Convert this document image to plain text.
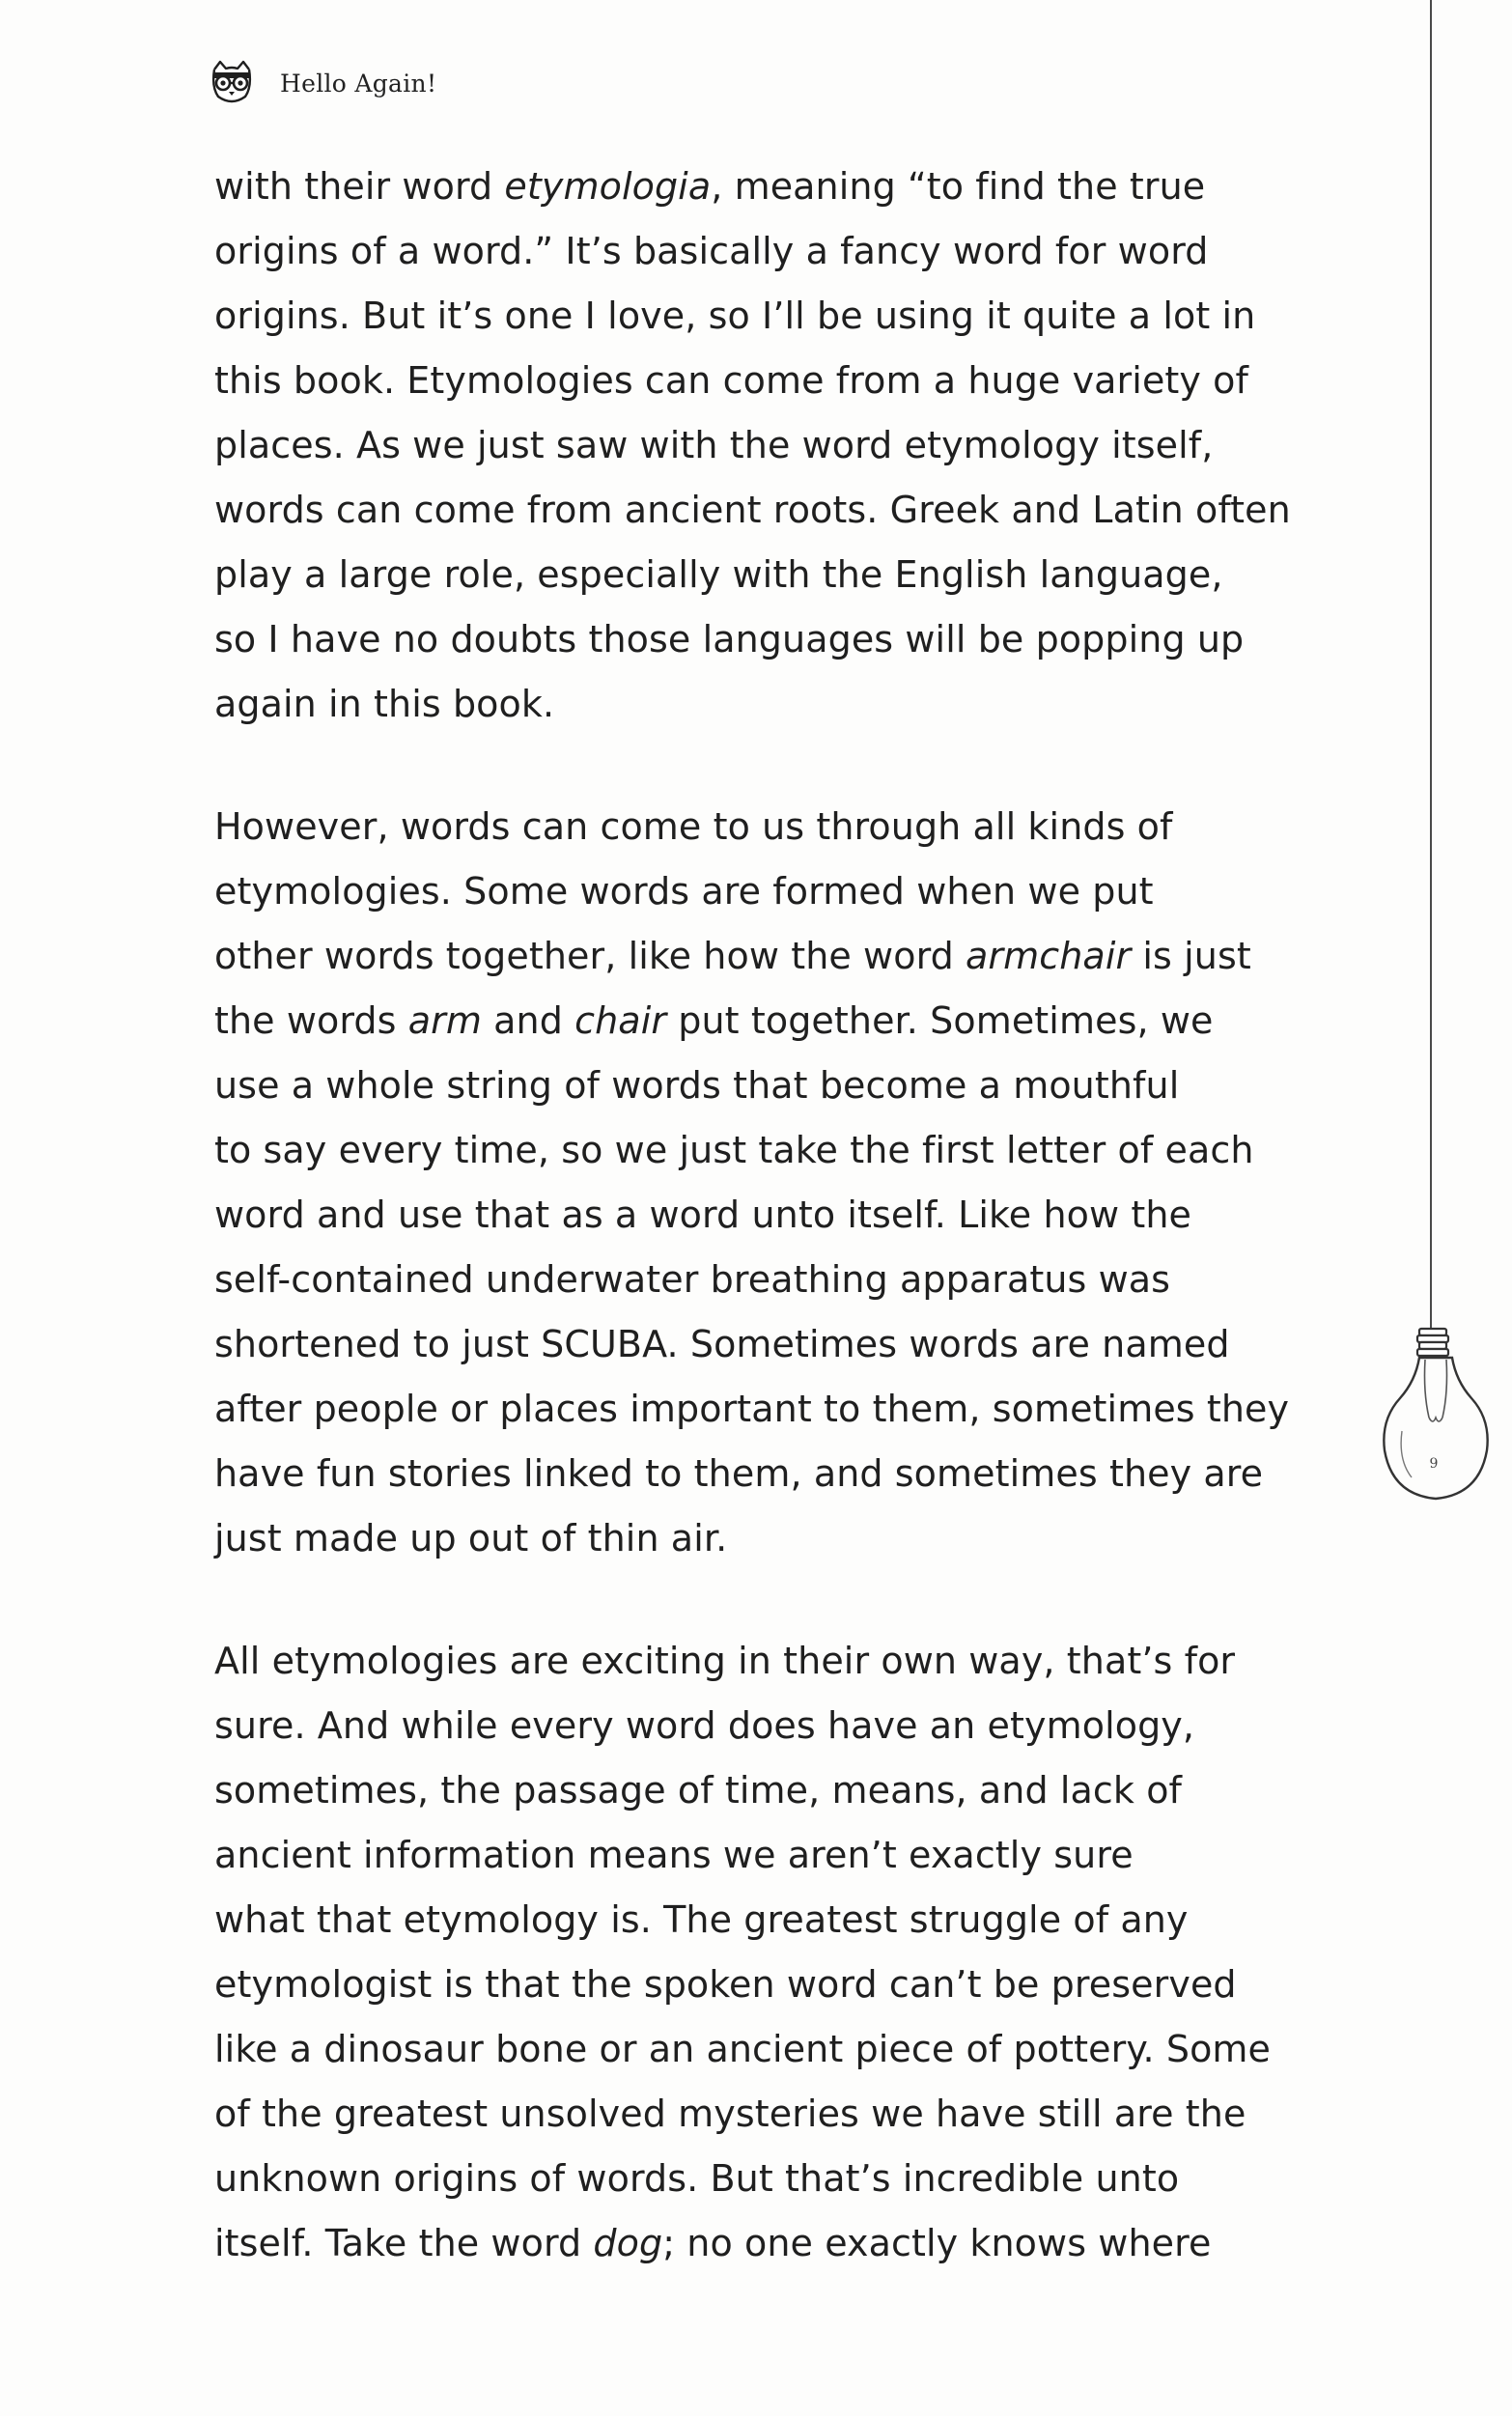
Hello Again!
with their word etymologia, meaning “to find the true
origins of a word.” It’s basically a fancy word for word
origins. But it’s one I love, so I’ll be using it quite a lot in
this book. Etymologies can come from a huge variety of
places. As we just saw with the word etymology itself,
words can come from ancient roots. Greek and Latin often
play a large role, especially with the English language,
so I have no doubts those languages will be popping up
again in this book.
However, words can come to us through all kinds of
etymologies. Some words are formed when we put
other words together, like how the word armchair is just
the words arm and chair put together. Sometimes, we
use a whole string of words that become a mouthful
to say every time, so we just take the first letter of each
word and use that as a word unto itself. Like how the
self-contained underwater breathing apparatus was
shortened to just SCUBA. Sometimes words are named
after people or places important to them, sometimes they
have fun stories linked to them, and sometimes they are
just made up out of thin air.
All etymologies are exciting in their own way, that’s for
sure. And while every word does have an etymology,
sometimes, the passage of time, means, and lack of
ancient information means we aren’t exactly sure
what that etymology is. The greatest struggle of any
etymologist is that the spoken word can’t be preserved
like a dinosaur bone or an ancient piece of pottery. Some
of the greatest unsolved mysteries we have still are the
unknown origins of words. But that’s incredible unto
itself. Take the word dog; no one exactly knows where
9
